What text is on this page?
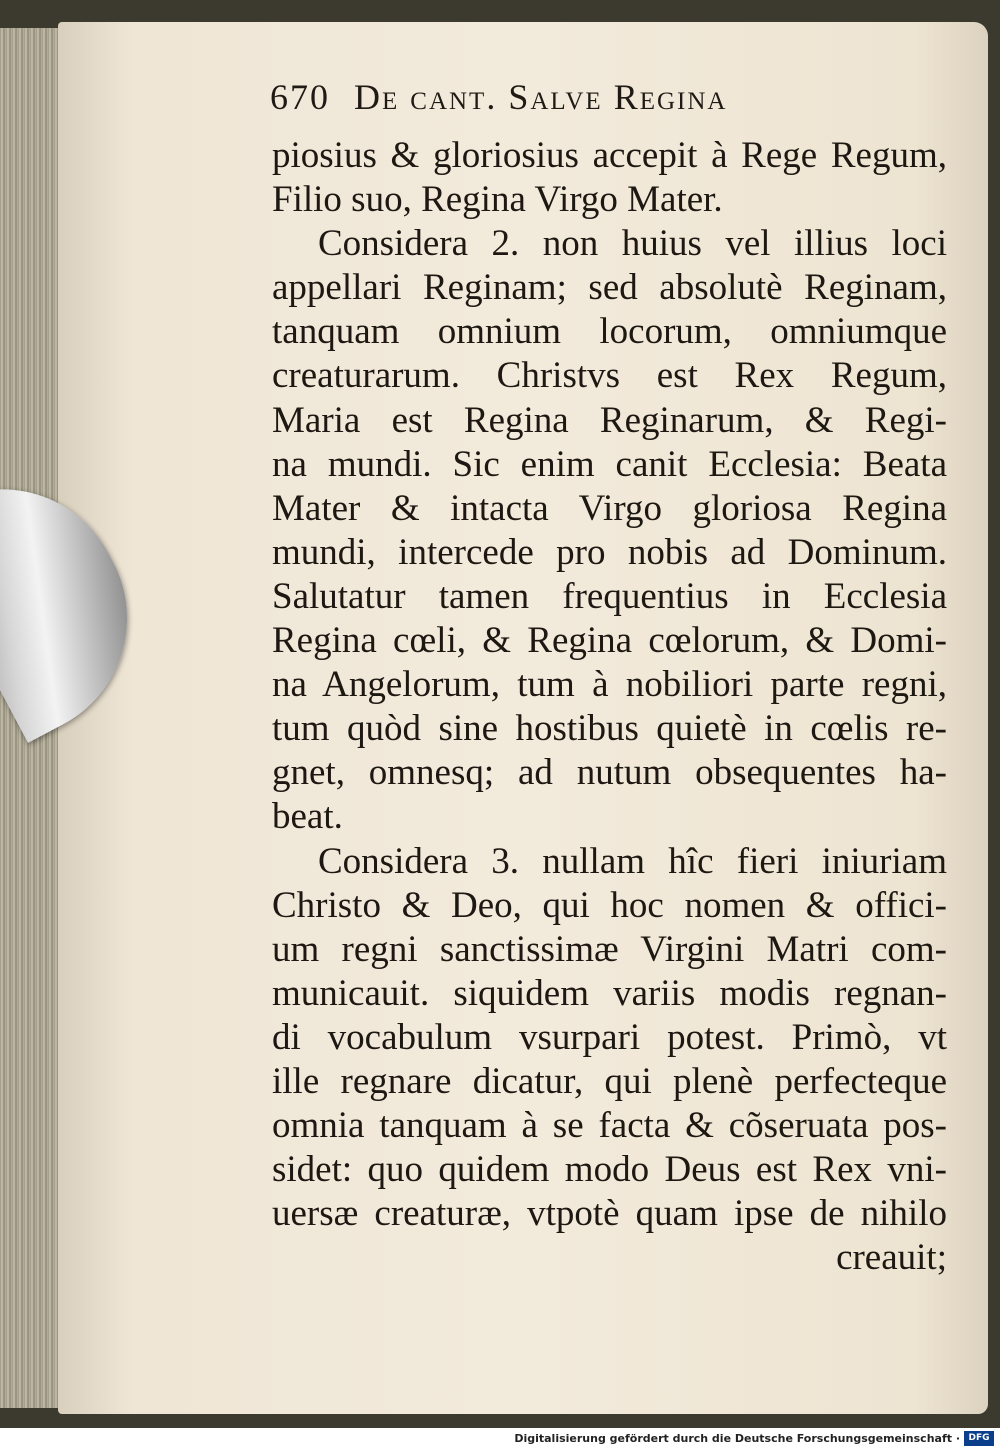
670 De cant. Salve Regina
piosius & gloriosius accepit à Rege Regum,
Filio suo, Regina Virgo Mater.
Considera 2. non huius vel illius loci
appellari Reginam; sed absolutè Reginam,
tanquam omnium locorum, omniumque
creaturarum. Christvs est Rex Regum,
Maria est Regina Reginarum, & Regi-
na mundi. Sic enim canit Ecclesia: Beata
Mater & intacta Virgo gloriosa Regina
mundi, intercede pro nobis ad Dominum.
Salutatur tamen frequentius in Ecclesia
Regina cœli, & Regina cœlorum, & Domi-
na Angelorum, tum à nobiliori parte regni,
tum quòd sine hostibus quietè in cœlis re-
gnet, omnesq; ad nutum obsequentes ha-
beat.
Considera 3. nullam hîc fieri iniuriam
Christo & Deo, qui hoc nomen & offici-
um regni sanctissimæ Virgini Matri com-
municauit. siquidem variis modis regnan-
di vocabulum vsurpari potest. Primò, vt
ille regnare dicatur, qui plenè perfecteque
omnia tanquam à se facta & cõseruata pos-
sidet: quo quidem modo Deus est Rex vni-
uersæ creaturæ, vtpotè quam ipse de nihilo
creauit;
Digitalisierung gefördert durch die Deutsche Forschungsgemeinschaft · DFG
